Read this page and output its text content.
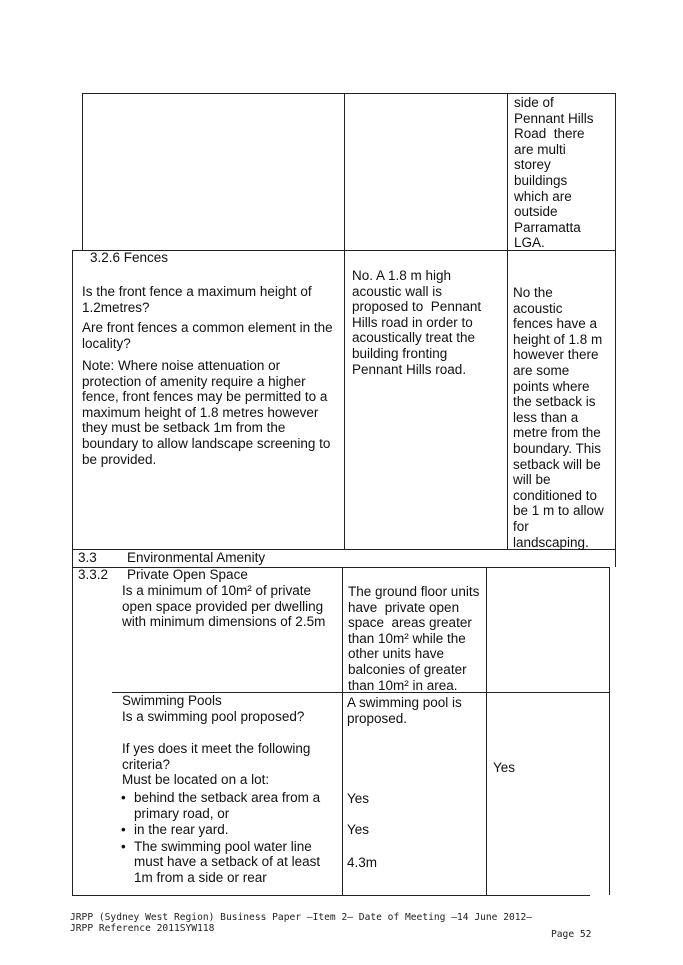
side of
Pennant Hills
Road  there
are multi
storey
buildings
which are
outside
Parramatta
LGA.
3.2.6 Fences
Is the front fence a maximum height of
1.2metres?
Are front fences a common element in the
locality?
Note: Where noise attenuation or
protection of amenity require a higher
fence, front fences may be permitted to a
maximum height of 1.8 metres however
they must be setback 1m from the
boundary to allow landscape screening to
be provided.
No. A 1.8 m high
acoustic wall is
proposed to  Pennant
Hills road in order to
acoustically treat the
building fronting
Pennant Hills road.
No the
acoustic
fences have a
height of 1.8 m
however there
are some
points where
the setback is
less than a
metre from the
boundary. This
setback will be
will be
conditioned to
be 1 m to allow
for
landscaping.
3.3 Environmental Amenity
3.3.2 Private Open Space
Is a minimum of 10m² of private
open space provided per dwelling
with minimum dimensions of 2.5m
The ground floor units
have  private open
space  areas greater
than 10m² while the
other units have
balconies of greater
than 10m² in area.
Swimming Pools
Is a swimming pool proposed?
If yes does it meet the following
criteria?
Must be located on a lot:
• behind the setback area from a
primary road, or
• in the rear yard.
• The swimming pool water line
must have a setback of at least
1m from a side or rear
A swimming pool is
proposed.
Yes
Yes
4.3m
Yes
JRPP (Sydney West Region) Business Paper –Item 2– Date of Meeting –14 June 2012–
JRPP Reference 2011SYW118
Page 52
